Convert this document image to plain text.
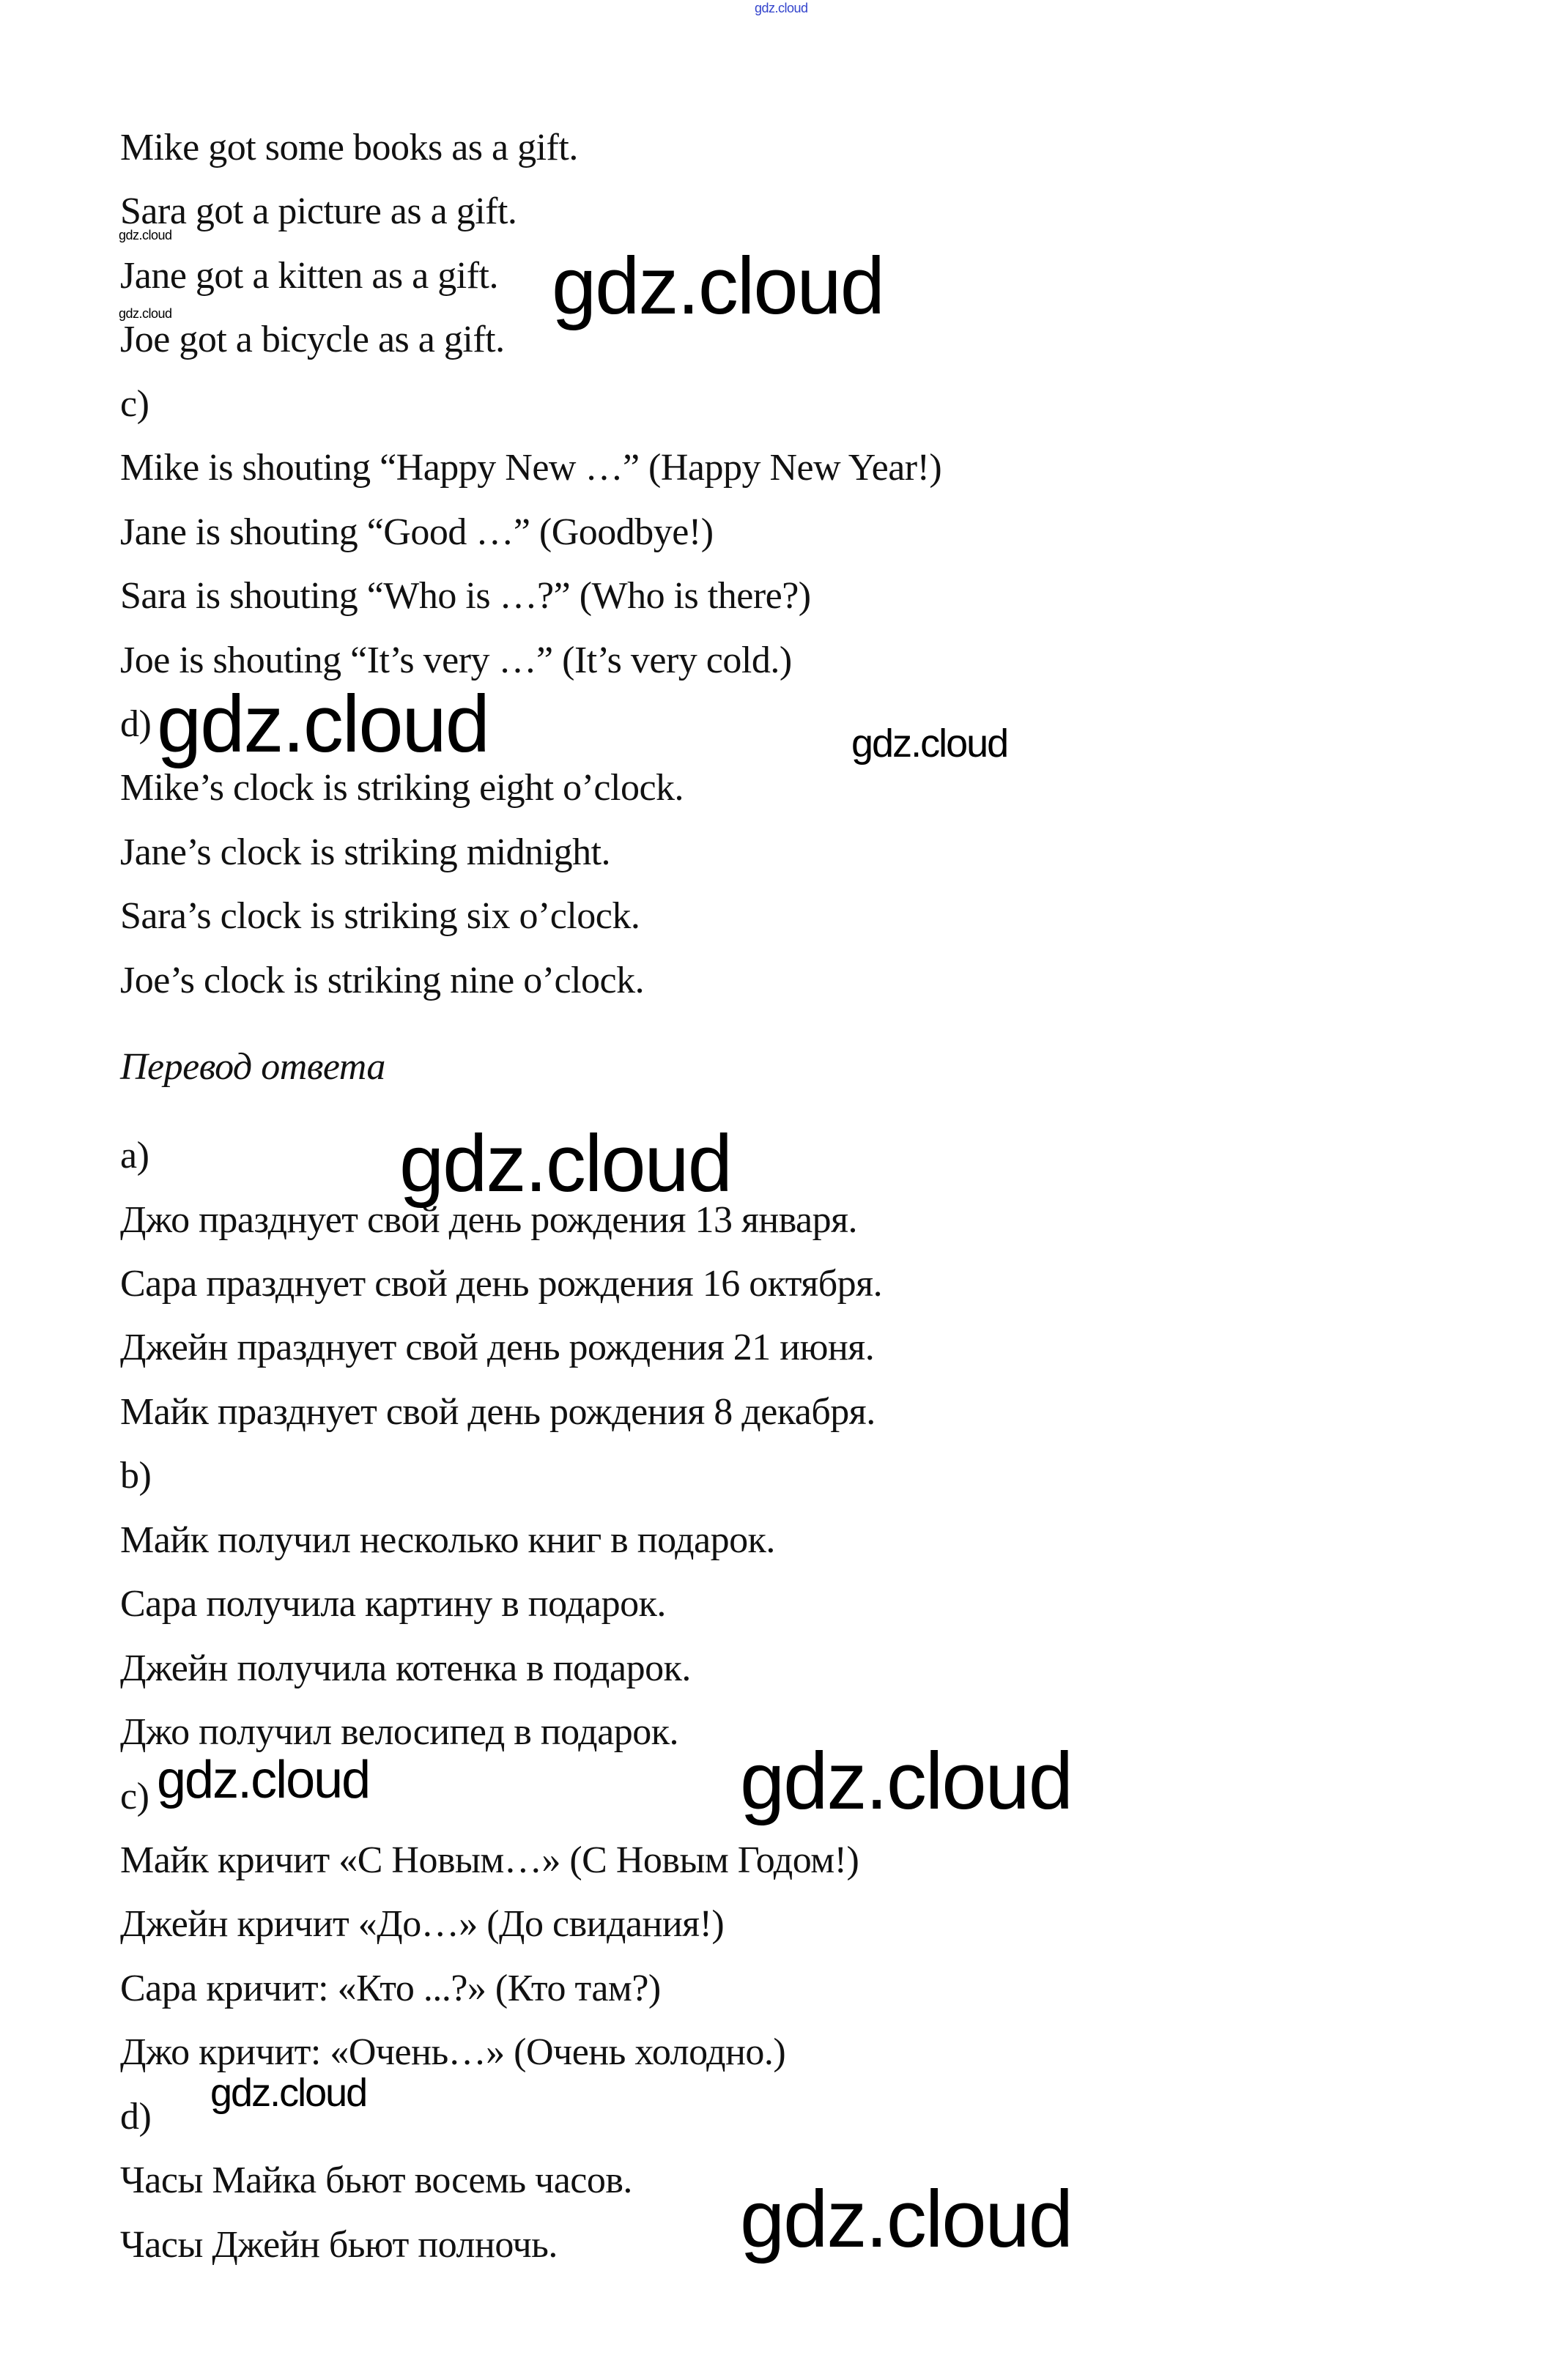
gdz.cloud
Mike got some books as a gift.
Sara got a picture as a gift.
Jane got a kitten as a gift.
Joe got a bicycle as a gift.
c)
Mike is shouting “Happy New …” (Happy New Year!)
Jane is shouting “Good …” (Goodbye!)
Sara is shouting “Who is …?” (Who is there?)
Joe is shouting “It’s very …” (It’s very cold.)
d)
Mike’s clock is striking eight o’clock.
Jane’s clock is striking midnight.
Sara’s clock is striking six o’clock.
Joe’s clock is striking nine o’clock.
Перевод ответа
a)
Джо празднует свой день рождения 13 января.
Сара празднует свой день рождения 16 октября.
Джейн празднует свой день рождения 21 июня.
Майк празднует свой день рождения 8 декабря.
b)
Майк получил несколько книг в подарок.
Сара получила картину в подарок.
Джейн получила котенка в подарок.
Джо получил велосипед в подарок.
c)
Майк кричит «С Новым…» (С Новым Годом!)
Джейн кричит «До…» (До свидания!)
Сара кричит: «Кто ...?» (Кто там?)
Джо кричит: «Очень…» (Очень холодно.)
d)
Часы Майка бьют восемь часов.
Часы Джейн бьют полночь.
gdz.cloud
gdz.cloud	gdz.cloud
gdz.cloud	gdz.cloud
gdz.cloud
gdz.cloud	gdz.cloud
gdz.cloud
gdz.cloud
